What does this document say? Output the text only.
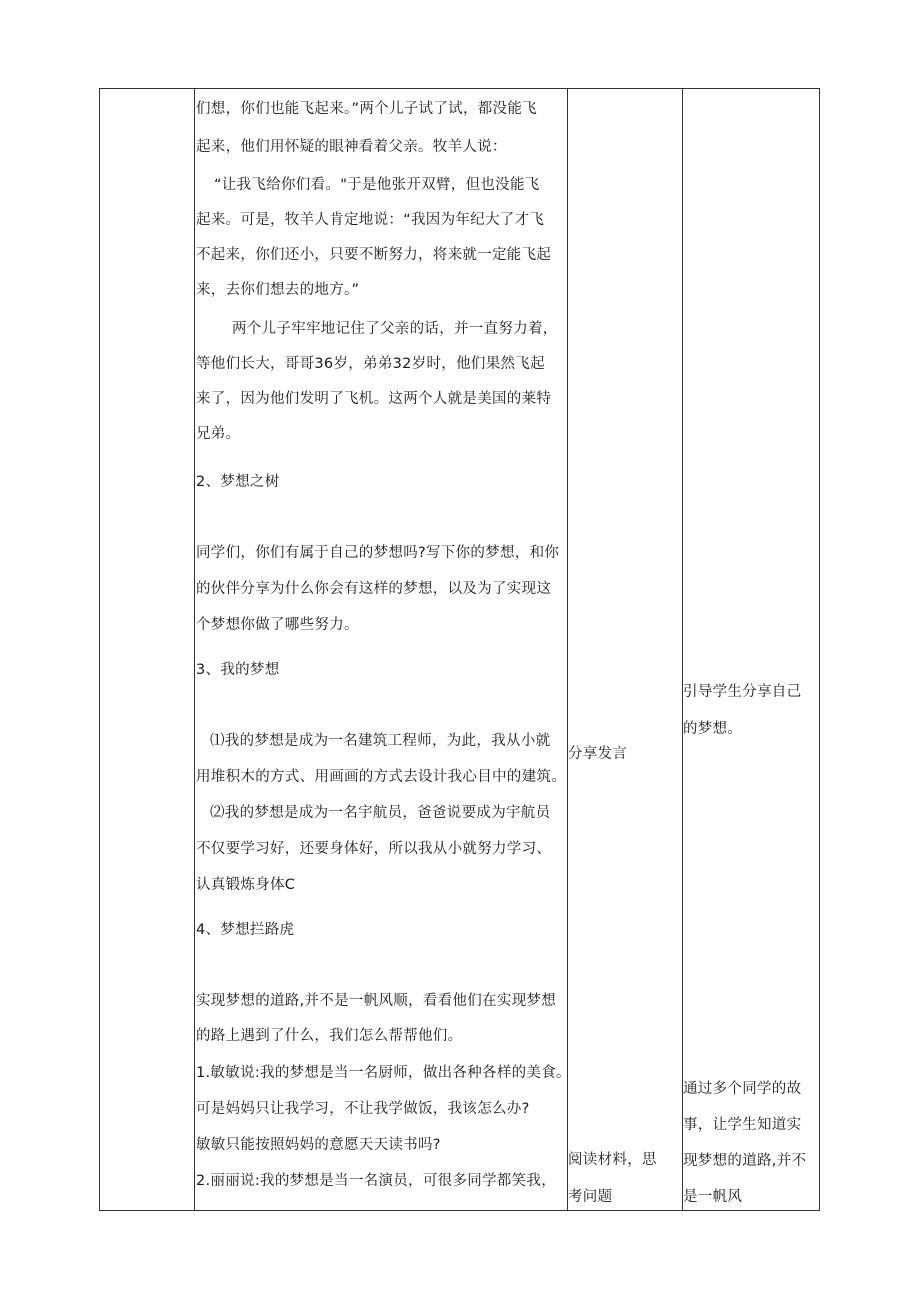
们想，你们也能飞起来。”两个儿子试了试，都没能飞
起来，他们用怀疑的眼神看着父亲。牧羊人说：
“让我飞给你们看。"于是他张开双臂，但也没能飞
起来。可是，牧羊人肯定地说：“我因为年纪大了才飞
不起来，你们还小，只要不断努力，将来就一定能飞起
来，去你们想去的地方。”
两个儿子牢牢地记住了父亲的话，并一直努力着，
等他们长大，哥哥36岁，弟弟32岁时，他们果然飞起
来了，因为他们发明了飞机。这两个人就是美国的莱特
兄弟。
2、梦想之树
同学们，你们有属于自己的梦想吗?写下你的梦想，和你
的伙伴分享为什么你会有这样的梦想，以及为了实现这
个梦想你做了哪些努力。
3、我的梦想
⑴我的梦想是成为一名建筑工程师，为此，我从小就
用堆积木的方式、用画画的方式去设计我心目中的建筑。
⑵我的梦想是成为一名宇航员，爸爸说要成为宇航员
不仅要学习好，还要身体好，所以我从小就努力学习、
认真锻炼身体C
4、梦想拦路虎
实现梦想的道路,并不是一帆风顺，看看他们在实现梦想
的路上遇到了什么，我们怎么帮帮他们。
1.敏敏说:我的梦想是当一名厨师，做出各种各样的美食。
可是妈妈只让我学习，不让我学做饭，我该怎么办?
敏敏只能按照妈妈的意愿天天读书吗?
2.丽丽说:我的梦想是当一名演员，可很多同学都笑我，
分享发言
阅读材料，思
考问题
引导学生分享自己
的梦想。
通过多个同学的故
事，让学生知道实
现梦想的道路,并不
是一帆风
